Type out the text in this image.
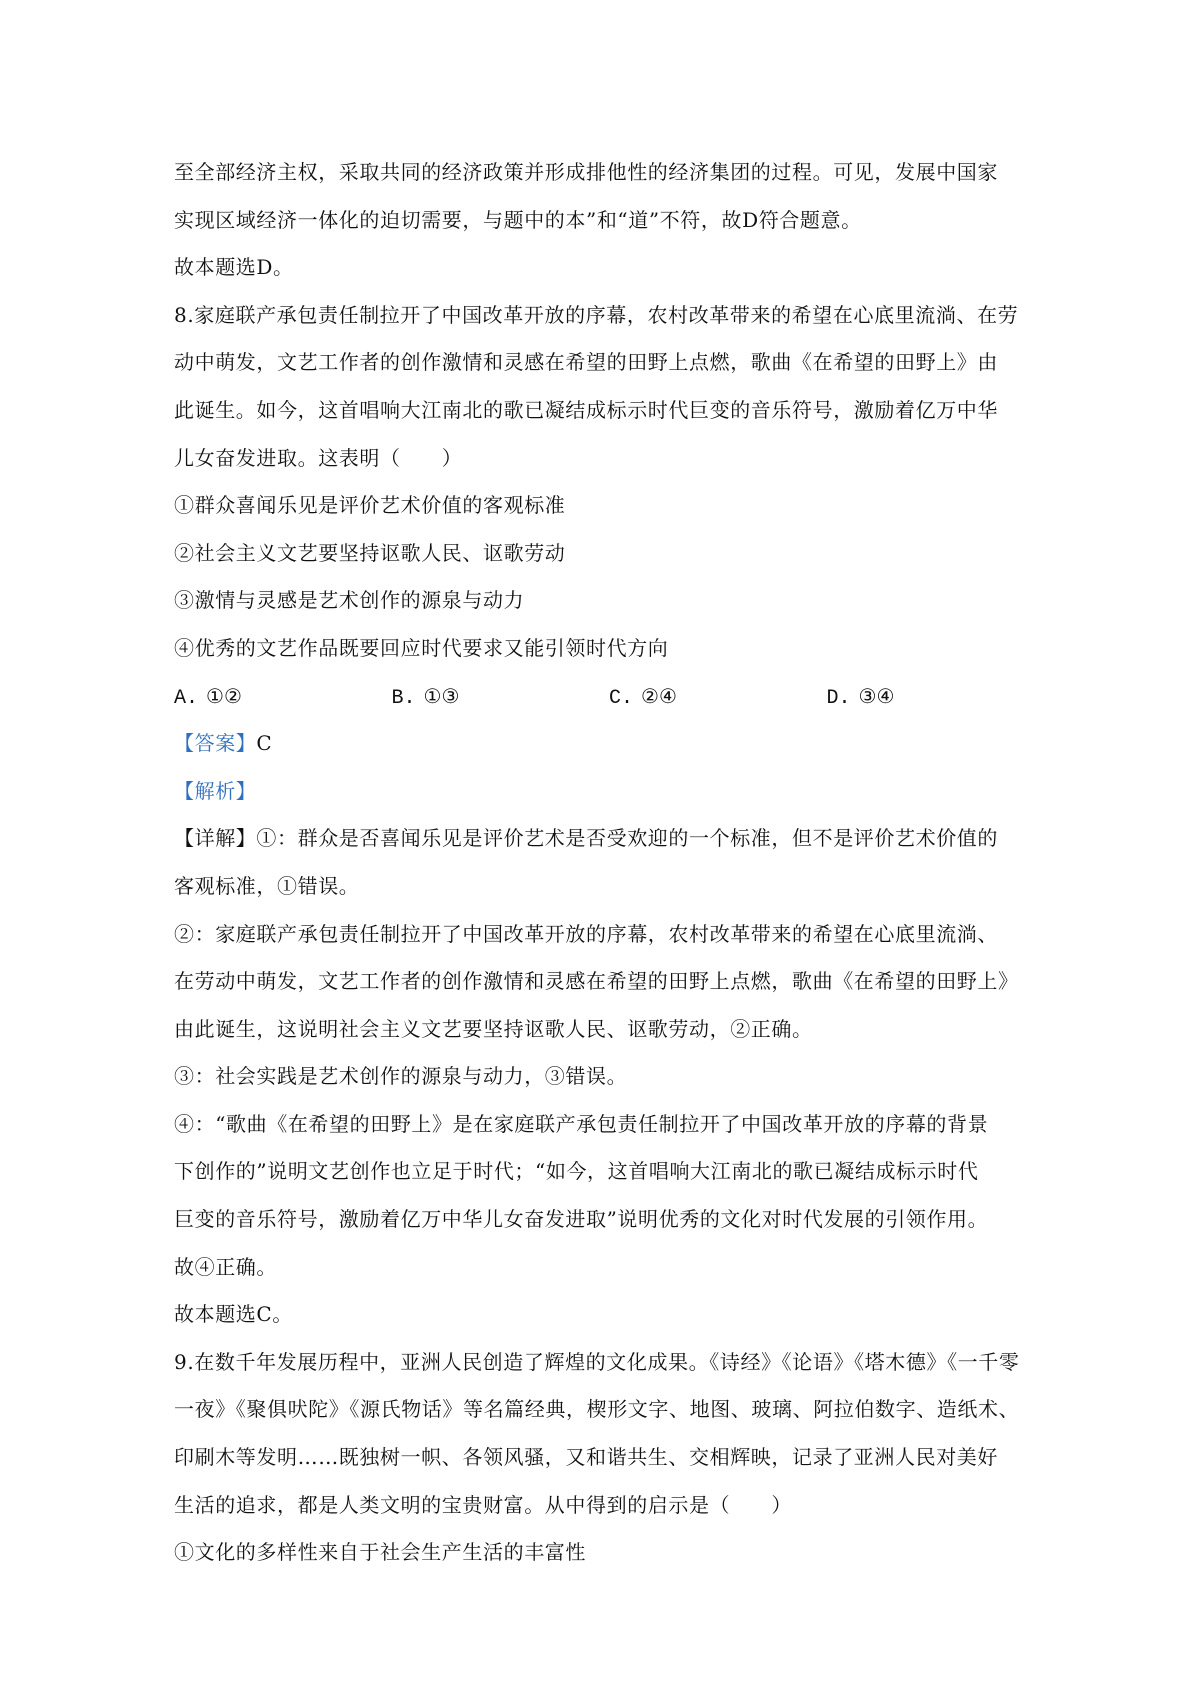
至全部经济主权，采取共同的经济政策并形成排他性的经济集团的过程。可见，发展中国家
实现区域经济一体化的迫切需要，与题中的本”和“道”不符，故D符合题意。
故本题选D。
8.家庭联产承包责任制拉开了中国改革开放的序幕，农村改革带来的希望在心底里流淌、在劳
动中萌发，文艺工作者的创作激情和灵感在希望的田野上点燃，歌曲《在希望的田野上》由
此诞生。如今，这首唱响大江南北的歌已凝结成标示时代巨变的音乐符号，激励着亿万中华
儿女奋发进取。这表明（　　）
①群众喜闻乐见是评价艺术价值的客观标准
②社会主义文艺要坚持讴歌人民、讴歌劳动
③激情与灵感是艺术创作的源泉与动力
④优秀的文艺作品既要回应时代要求又能引领时代方向
A. ①②	B. ①③	C. ②④	D. ③④
【答案】C
【解析】
【详解】①：群众是否喜闻乐见是评价艺术是否受欢迎的一个标准，但不是评价艺术价值的
客观标准，①错误。
②：家庭联产承包责任制拉开了中国改革开放的序幕，农村改革带来的希望在心底里流淌、
在劳动中萌发，文艺工作者的创作激情和灵感在希望的田野上点燃，歌曲《在希望的田野上》
由此诞生，这说明社会主义文艺要坚持讴歌人民、讴歌劳动，②正确。
③：社会实践是艺术创作的源泉与动力，③错误。
④：“歌曲《在希望的田野上》是在家庭联产承包责任制拉开了中国改革开放的序幕的背景
下创作的”说明文艺创作也立足于时代；“如今，这首唱响大江南北的歌已凝结成标示时代
巨变的音乐符号，激励着亿万中华儿女奋发进取”说明优秀的文化对时代发展的引领作用。
故④正确。
故本题选C。
9.在数千年发展历程中，亚洲人民创造了辉煌的文化成果。《诗经》《论语》《塔木德》《一千零
一夜》《聚俱吠陀》《源氏物话》等名篇经典，楔形文字、地图、玻璃、阿拉伯数字、造纸术、
印刷木等发明……既独树一帜、各领风骚，又和谐共生、交相辉映，记录了亚洲人民对美好
生活的追求，都是人类文明的宝贵财富。从中得到的启示是（　　）
①文化的多样性来自于社会生产生活的丰富性
